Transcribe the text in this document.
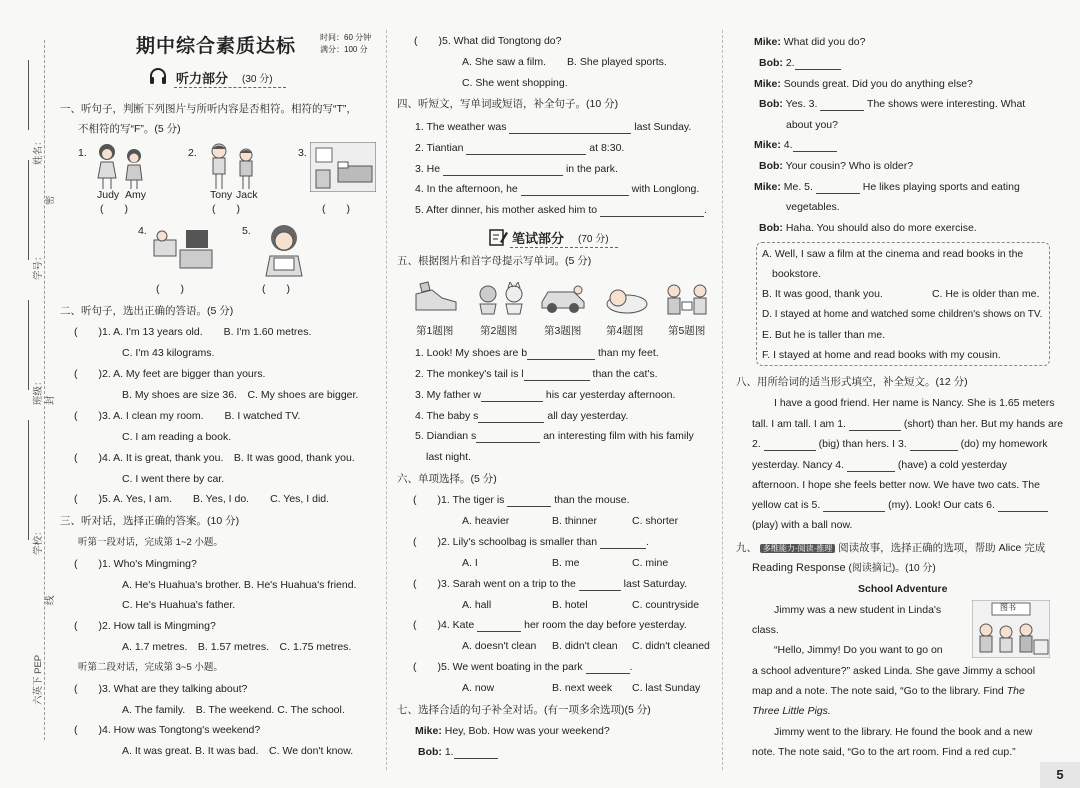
姓名：
密
学号：
班级： 封
学校：
线
六英下 PEP
期中综合素质达标	时间：60 分钟
满分：100 分
听力部分 (30 分)
一、听句子，判断下列图片与所听内容是否相符。相符的写“T”，
不相符的写“F”。(5 分)
1.
Judy Amy
(　　)
2.
Tony Jack
(　　)
3.
(　　)
4.	5.
(　　)	(　　)
二、听句子，选出正确的答语。(5 分)
(　　)1. A. I'm 13 years old.　　B. I'm 1.60 metres.
C. I'm 43 kilograms.
(　　)2. A. My feet are bigger than yours.
B. My shoes are size 36.　C. My shoes are bigger.
(　　)3. A. I clean my room.　　B. I watched TV.
C. I am reading a book.
(　　)4. A. It is great, thank you.　B. It was good, thank you.
C. I went there by car.
(　　)5. A. Yes, I am.　　B. Yes, I do.　　C. Yes, I did.
三、听对话，选择正确的答案。(10 分)
听第一段对话，完成第 1~2 小题。
(　　)1. Who's Mingming?
A. He's Huahua's brother. B. He's Huahua's friend.
C. He's Huahua's father.
(　　)2. How tall is Mingming?
A. 1.7 metres.　B. 1.57 metres.　C. 1.75 metres.
听第二段对话，完成第 3~5 小题。
(　　)3. What are they talking about?
A. The family.　B. The weekend. C. The school.
(　　)4. How was Tongtong's weekend?
A. It was great. B. It was bad.　C. We don't know.
(　　)5. What did Tongtong do?
A. She saw a film.　　B. She played sports.
C. She went shopping.
四、听短文，写单词或短语，补全句子。(10 分)
1. The weather was	last Sunday.
2. Tiantian	at 8:30.
3. He	in the park.
4. In the afternoon, he	with Longlong.
5. After dinner, his mother asked him to	.
笔试部分 (70 分)
五、根据图片和首字母提示写单词。(5 分)
第1题图	第2题图	第3题图 第4题图 第5题图
1. Look! My shoes are b	than my feet.
2. The monkey's tail is l	than the cat's.
3. My father w	his car yesterday afternoon.
4. The baby s	all day yesterday.
5. Diandian s	an interesting film with his family
last night.
六、单项选择。(5 分)
(　　)1. The tiger is	than the mouse.
A. heavier	B. thinner	C. shorter
(　　)2. Lily's schoolbag is smaller than	.
A. I	B. me	C. mine
(　　)3. Sarah went on a trip to the	last Saturday.
A. hall	B. hotel	C. countryside
(　　)4. Kate	her room the day before yesterday.
A. doesn't clean B. didn't clean C. didn't cleaned
(　　)5. We went boating in the park	.
A. now	B. next week C. last Sunday
七、选择合适的句子补全对话。(有一项多余选项)(5 分)
Mike: Hey, Bob. How was your weekend?
Bob: 1.
Mike: What did you do?
Bob: 2.
Mike: Sounds great. Did you do anything else?
Bob: Yes. 3.	The shows were interesting. What
about you?
Mike: 4.
Bob: Your cousin? Who is older?
Mike: Me. 5.	He likes playing sports and eating
vegetables.
Bob: Haha. You should also do more exercise.
A. Well, I saw a film at the cinema and read books in the
bookstore.
B. It was good, thank you.	C. He is older than me.
D. I stayed at home and watched some children's shows on TV.
E. But he is taller than me.
F. I stayed at home and read books with my cousin.
八、用所给词的适当形式填空，补全短文。(12 分)
I have a good friend. Her name is Nancy. She is 1.65 meters
tall. I am tall. I am 1.	(short) than her. But my hands are
2.	(big) than hers. I 3.	(do) my homework
yesterday. Nancy 4.	(have) a cold yesterday
afternoon. I hope she feels better now. We have two cats. The
yellow cat is 5.	(my). Look! Our cats 6.
(play) with a ball now.
九、 多维能力·阅读·推理 阅读故事，选择正确的选项，帮助 Alice 完成
Reading Response (阅读摘记)。(10 分)
School Adventure
Jimmy was a new student in Linda's
class.
“Hello, Jimmy! Do you want to go on
图书
a school adventure?” asked Linda. She gave Jimmy a school
map and a note. The note said, “Go to the library. Find The
Three Little Pigs.
Jimmy went to the library. He found the book and a new
note. The note said, “Go to the art room. Find a red cup.”
5
